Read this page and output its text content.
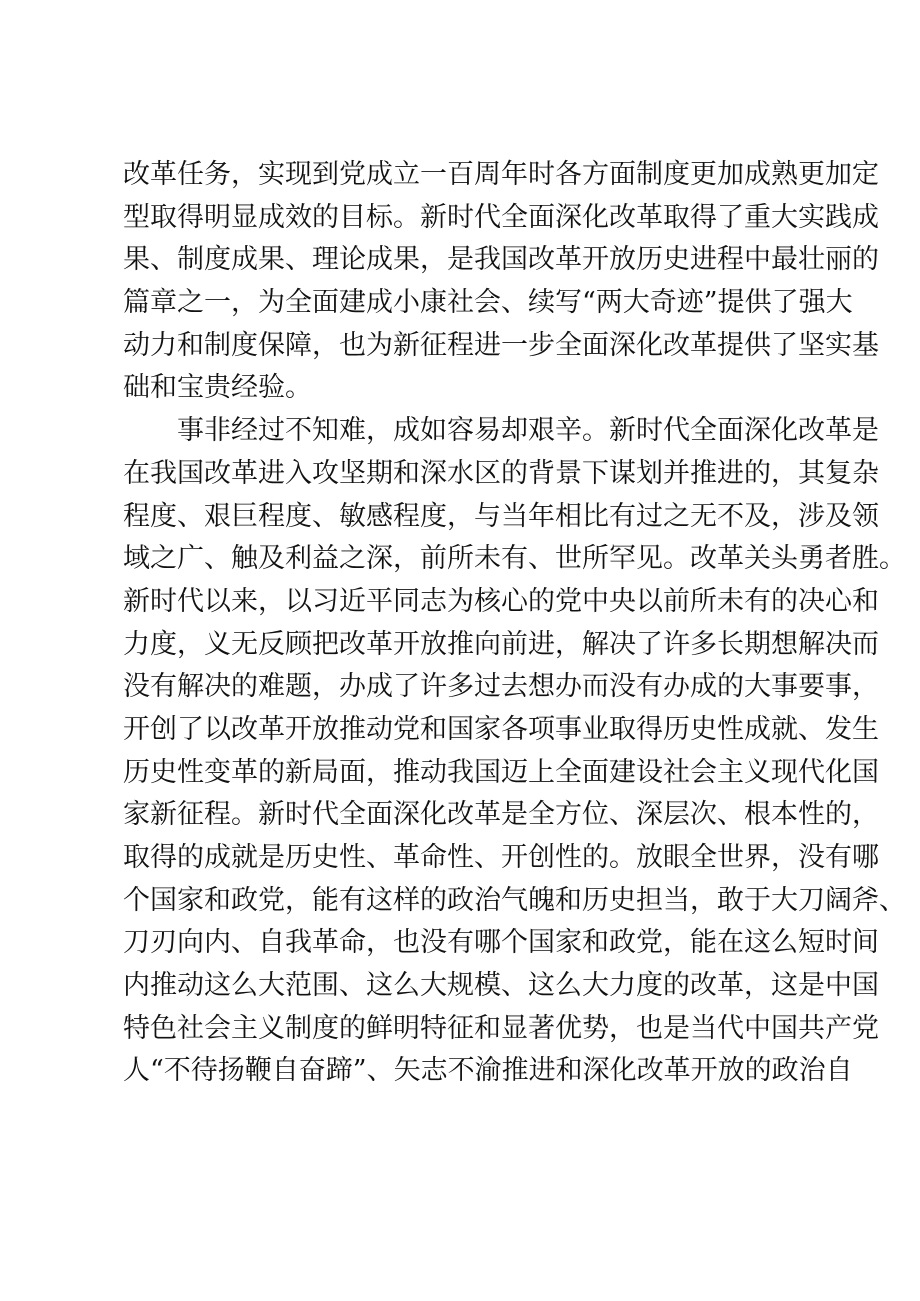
改革任务，实现到党成立一百周年时各方面制度更加成熟更加定
型取得明显成效的目标。新时代全面深化改革取得了重大实践成
果、制度成果、理论成果，是我国改革开放历史进程中最壮丽的
篇章之一，为全面建成小康社会、续写“两大奇迹”提供了强大
动力和制度保障，也为新征程进一步全面深化改革提供了坚实基
础和宝贵经验。
事非经过不知难，成如容易却艰辛。新时代全面深化改革是
在我国改革进入攻坚期和深水区的背景下谋划并推进的，其复杂
程度、艰巨程度、敏感程度，与当年相比有过之无不及，涉及领
域之广、触及利益之深，前所未有、世所罕见。改革关头勇者胜。
新时代以来，以习近平同志为核心的党中央以前所未有的决心和
力度，义无反顾把改革开放推向前进，解决了许多长期想解决而
没有解决的难题，办成了许多过去想办而没有办成的大事要事，
开创了以改革开放推动党和国家各项事业取得历史性成就、发生
历史性变革的新局面，推动我国迈上全面建设社会主义现代化国
家新征程。新时代全面深化改革是全方位、深层次、根本性的，
取得的成就是历史性、革命性、开创性的。放眼全世界，没有哪
个国家和政党，能有这样的政治气魄和历史担当，敢于大刀阔斧、
刀刃向内、自我革命，也没有哪个国家和政党，能在这么短时间
内推动这么大范围、这么大规模、这么大力度的改革，这是中国
特色社会主义制度的鲜明特征和显著优势，也是当代中国共产党
人“不待扬鞭自奋蹄”、矢志不渝推进和深化改革开放的政治自
